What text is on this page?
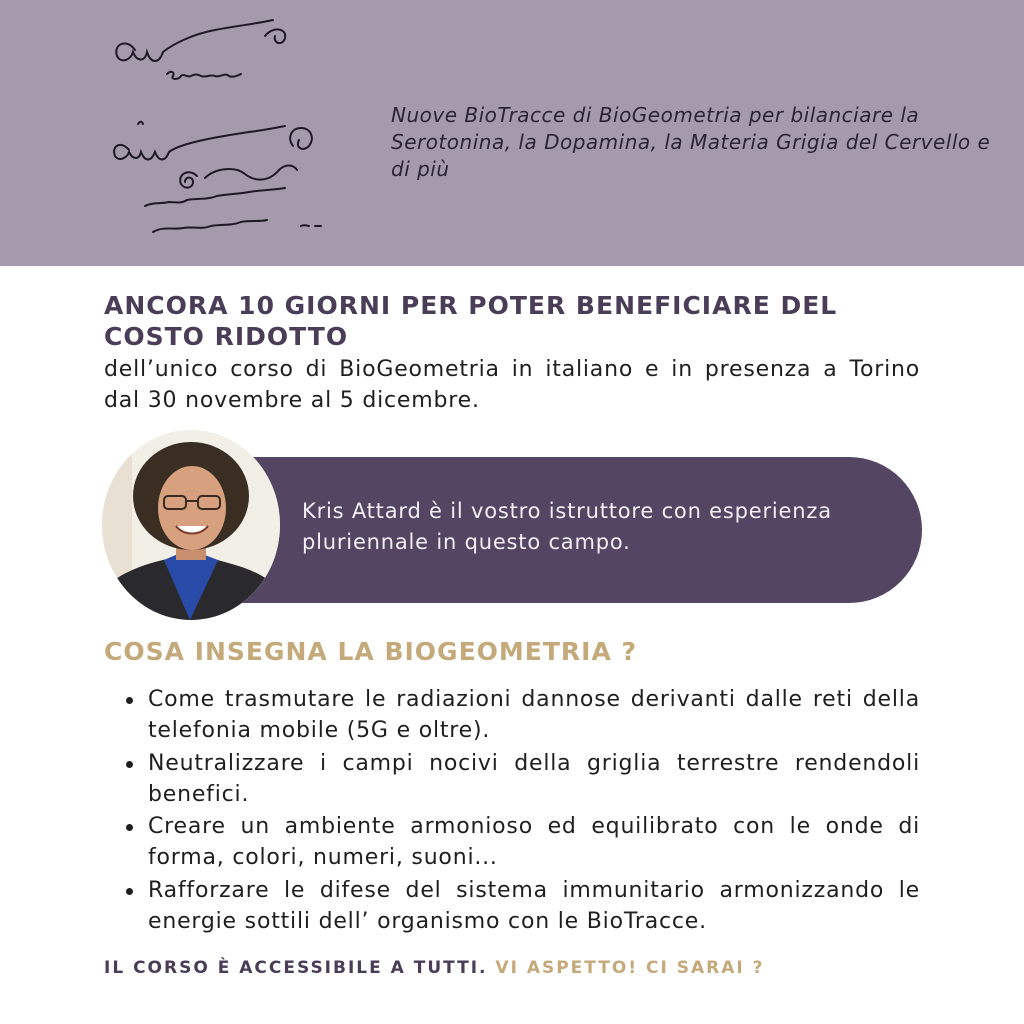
Nuove BioTracce di BioGeometria per bilanciare la Serotonina, la Dopamina, la Materia Grigia del Cervello e di più
ANCORA 10 GIORNI PER POTER BENEFICIARE DEL COSTO RIDOTTO
dell’unico corso di BioGeometria in italiano e in presenza a Torino dal 30 novembre al 5 dicembre.
Kris Attard è il vostro istruttore con esperienza pluriennale in questo campo.
COSA INSEGNA LA BIOGEOMETRIA ?
Come trasmutare le radiazioni dannose derivanti dalle reti della telefonia mobile (5G e oltre).
Neutralizzare i campi nocivi della griglia terrestre rendendoli benefici.
Creare un ambiente armonioso ed equilibrato con le onde di forma, colori, numeri, suoni...
Rafforzare le difese del sistema immunitario armonizzando le energie sottili dell’ organismo con le BioTracce.
IL CORSO È ACCESSIBILE A TUTTI. VI ASPETTO! CI SARAI ?
